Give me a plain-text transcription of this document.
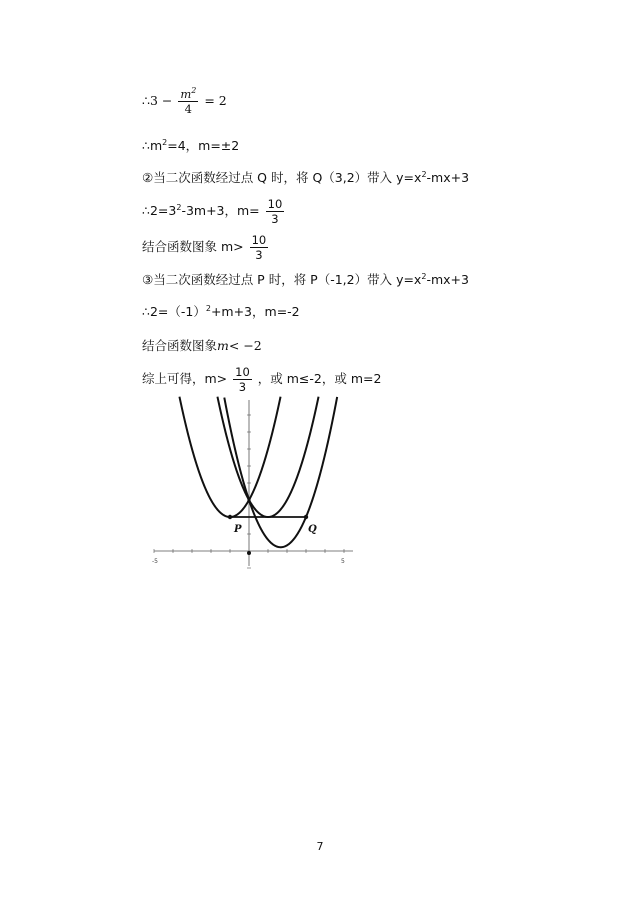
∴3 − $\frac{m^2}{4} = 2$
$\therefore m^2=4$，m=±2
②当二次函数经过点 Q 时，将 Q（3,2）带入 $y=x^2-mx+3$
$\therefore 2=3^2-3m+3$，$m= \frac{10}{3}$
结合函数图象 $m> \frac{10}{3}$
③当二次函数经过点 P 时，将 P（-1,2）带入 $y=x^2-mx+3$
$\therefore 2=(-1)^2+m+3$，m=-2
结合函数图象m< −2
综上可得，$m> \frac{10}{3}$ ，或 m≤-2，或 m=2
-5	5
P	Q
7
